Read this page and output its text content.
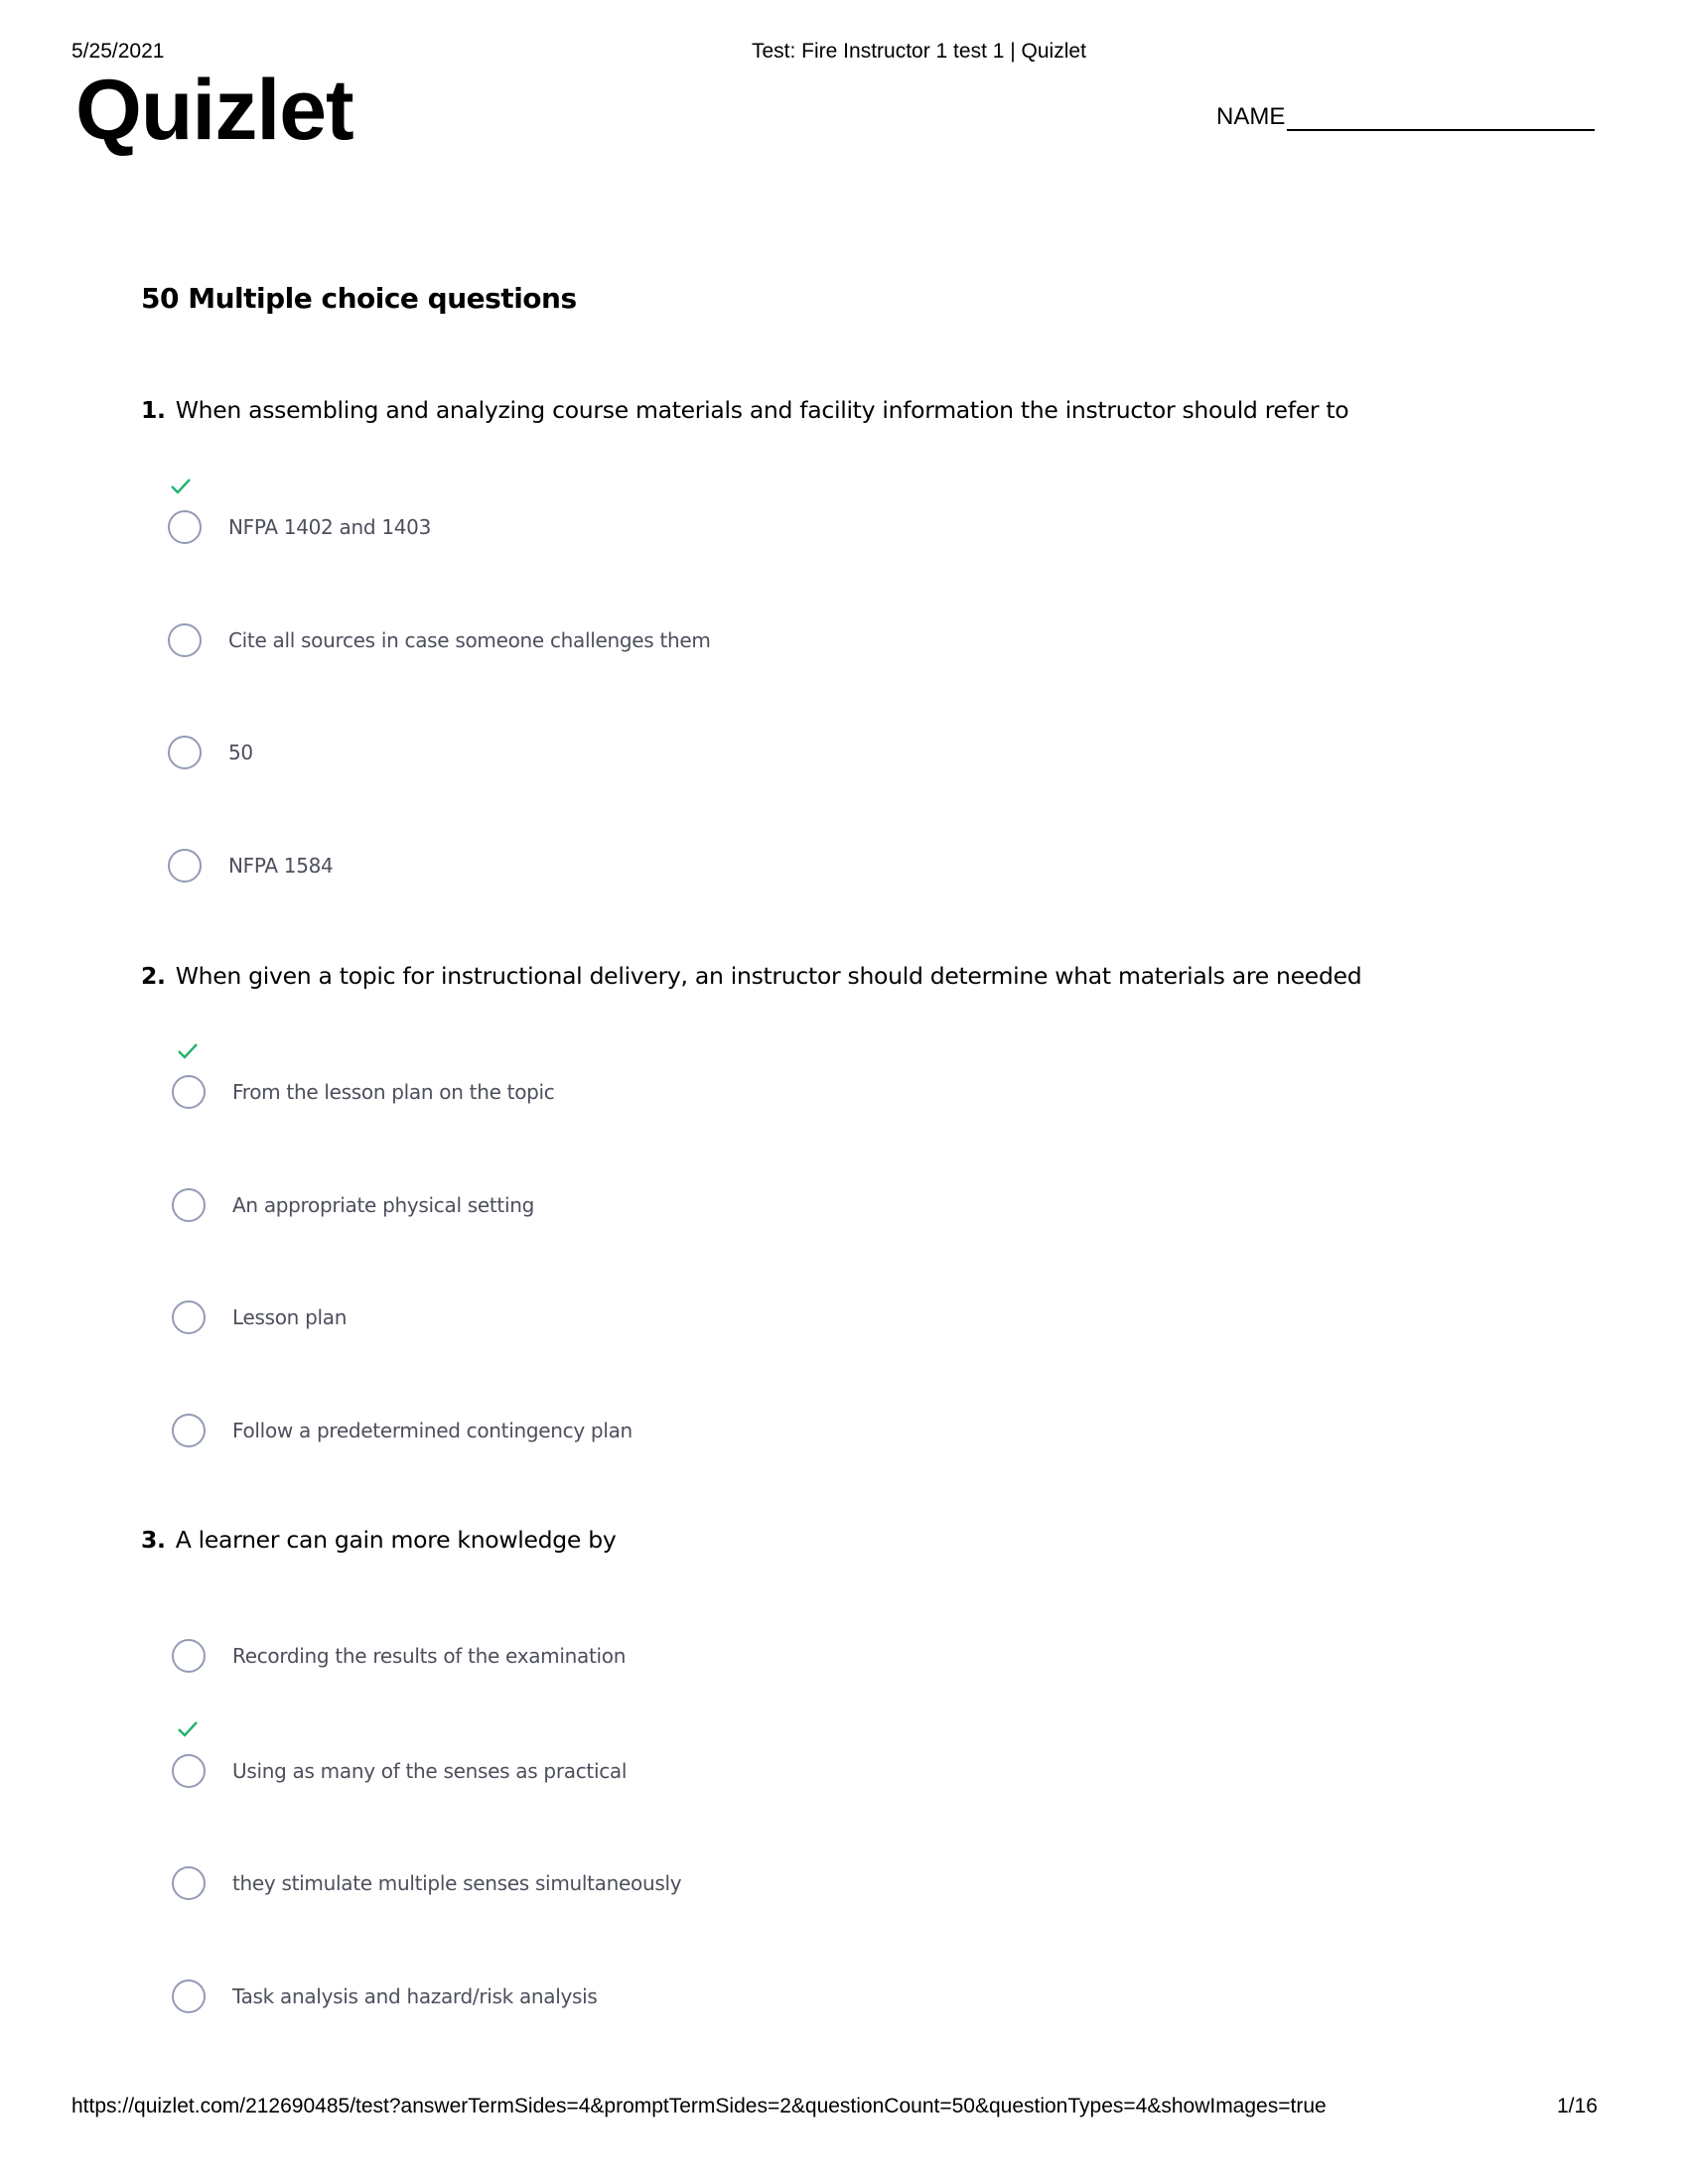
5/25/2021	Test: Fire Instructor 1 test 1 | Quizlet
Quizlet	NAME
50 Multiple choice questions
1. When assembling and analyzing course materials and facility information the instructor should refer to
NFPA 1402 and 1403
Cite all sources in case someone challenges them
50
NFPA 1584
2. When given a topic for instructional delivery, an instructor should determine what materials are needed
From the lesson plan on the topic
An appropriate physical setting
Lesson plan
Follow a predetermined contingency plan
3. A learner can gain more knowledge by
Recording the results of the examination
Using as many of the senses as practical
they stimulate multiple senses simultaneously
Task analysis and hazard/risk analysis
https://quizlet.com/212690485/test?answerTermSides=4&promptTermSides=2&questionCount=50&questionTypes=4&showImages=true	1/16
